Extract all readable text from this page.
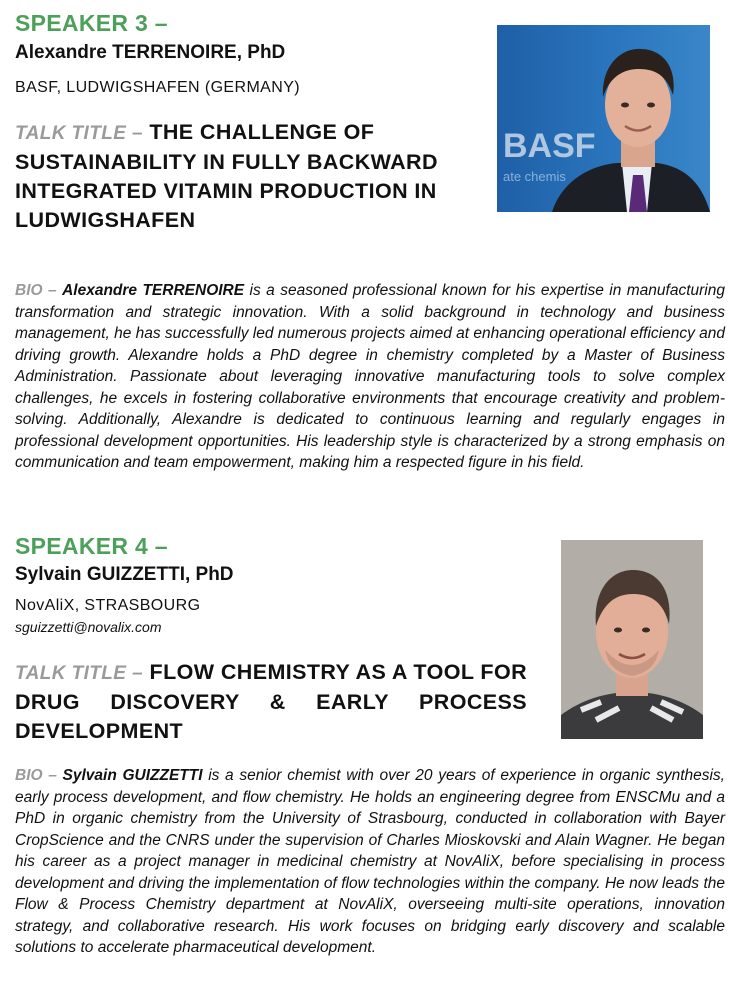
SPEAKER 3 –
Alexandre TERRENOIRE, PhD
BASF, LUDWIGSHAFEN (GERMANY)
TALK TITLE – THE CHALLENGE OF SUSTAINABILITY IN FULLY BACKWARD INTEGRATED VITAMIN PRODUCTION IN LUDWIGSHAFEN
BASF
ate chemis
BIO – Alexandre TERRENOIRE is a seasoned professional known for his expertise in manufacturing transformation and strategic innovation. With a solid background in technology and business management, he has successfully led numerous projects aimed at enhancing operational efficiency and driving growth. Alexandre holds a PhD degree in chemistry completed by a Master of Business Administration. Passionate about leveraging innovative manufacturing tools to solve complex challenges, he excels in fostering collaborative environments that encourage creativity and problem-solving. Additionally, Alexandre is dedicated to continuous learning and regularly engages in professional development opportunities. His leadership style is characterized by a strong emphasis on communication and team empowerment, making him a respected figure in his field.
SPEAKER 4 –
Sylvain GUIZZETTI, PhD
NovAliX, STRASBOURG
sguizzetti@novalix.com
TALK TITLE – FLOW CHEMISTRY AS A TOOL FOR DRUG DISCOVERY & EARLY PROCESS DEVELOPMENT
BIO – Sylvain GUIZZETTI is a senior chemist with over 20 years of experience in organic synthesis, early process development, and flow chemistry. He holds an engineering degree from ENSCMu and a PhD in organic chemistry from the University of Strasbourg, conducted in collaboration with Bayer CropScience and the CNRS under the supervision of Charles Mioskovski and Alain Wagner. He began his career as a project manager in medicinal chemistry at NovAliX, before specialising in process development and driving the implementation of flow technologies within the company. He now leads the Flow & Process Chemistry department at NovAliX, overseeing multi-site operations, innovation strategy, and collaborative research. His work focuses on bridging early discovery and scalable solutions to accelerate pharmaceutical development.
